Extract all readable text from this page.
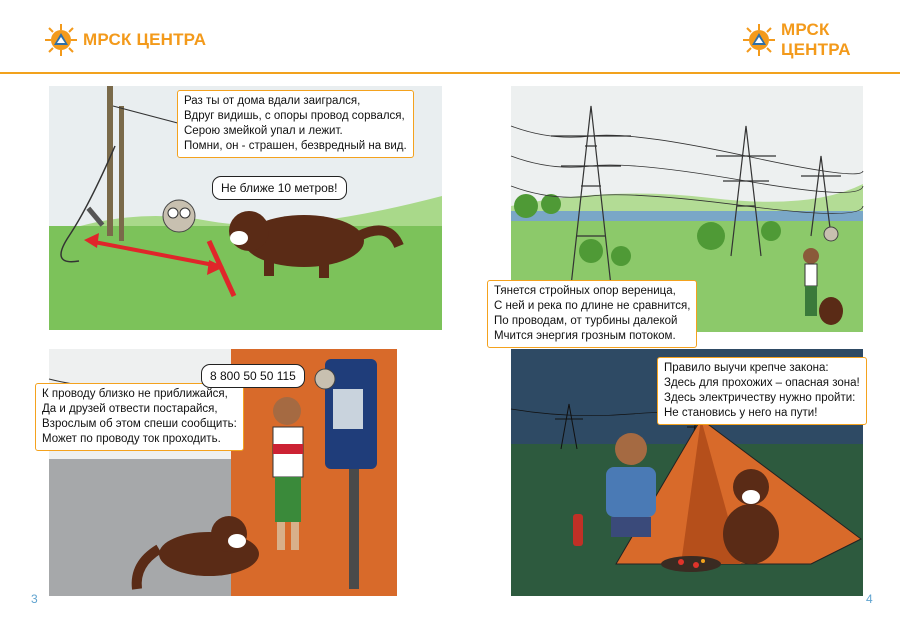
МРСК ЦЕНТРА
МРСК ЦЕНТРА
Раз ты от дома вдали заигрался,
Вдруг видишь, с опоры провод сорвался,
Серою змейкой упал и лежит.
Помни, он - страшен, безвредный на вид.
Не ближе 10 метров!
Тянется стройных опор вереница,
С ней и река по длине не сравнится,
По проводам, от турбины далекой
Мчится энергия грозным потоком.
К проводу близко не приближайся,
Да и друзей отвести постарайся,
Взрослым об этом спеши сообщить:
Может по проводу ток проходить.
8 800 50 50 115
Правило выучи крепче закона:
Здесь для прохожих – опасная зона!
Здесь электричеству нужно пройти:
Не становись у него на пути!
3	4
